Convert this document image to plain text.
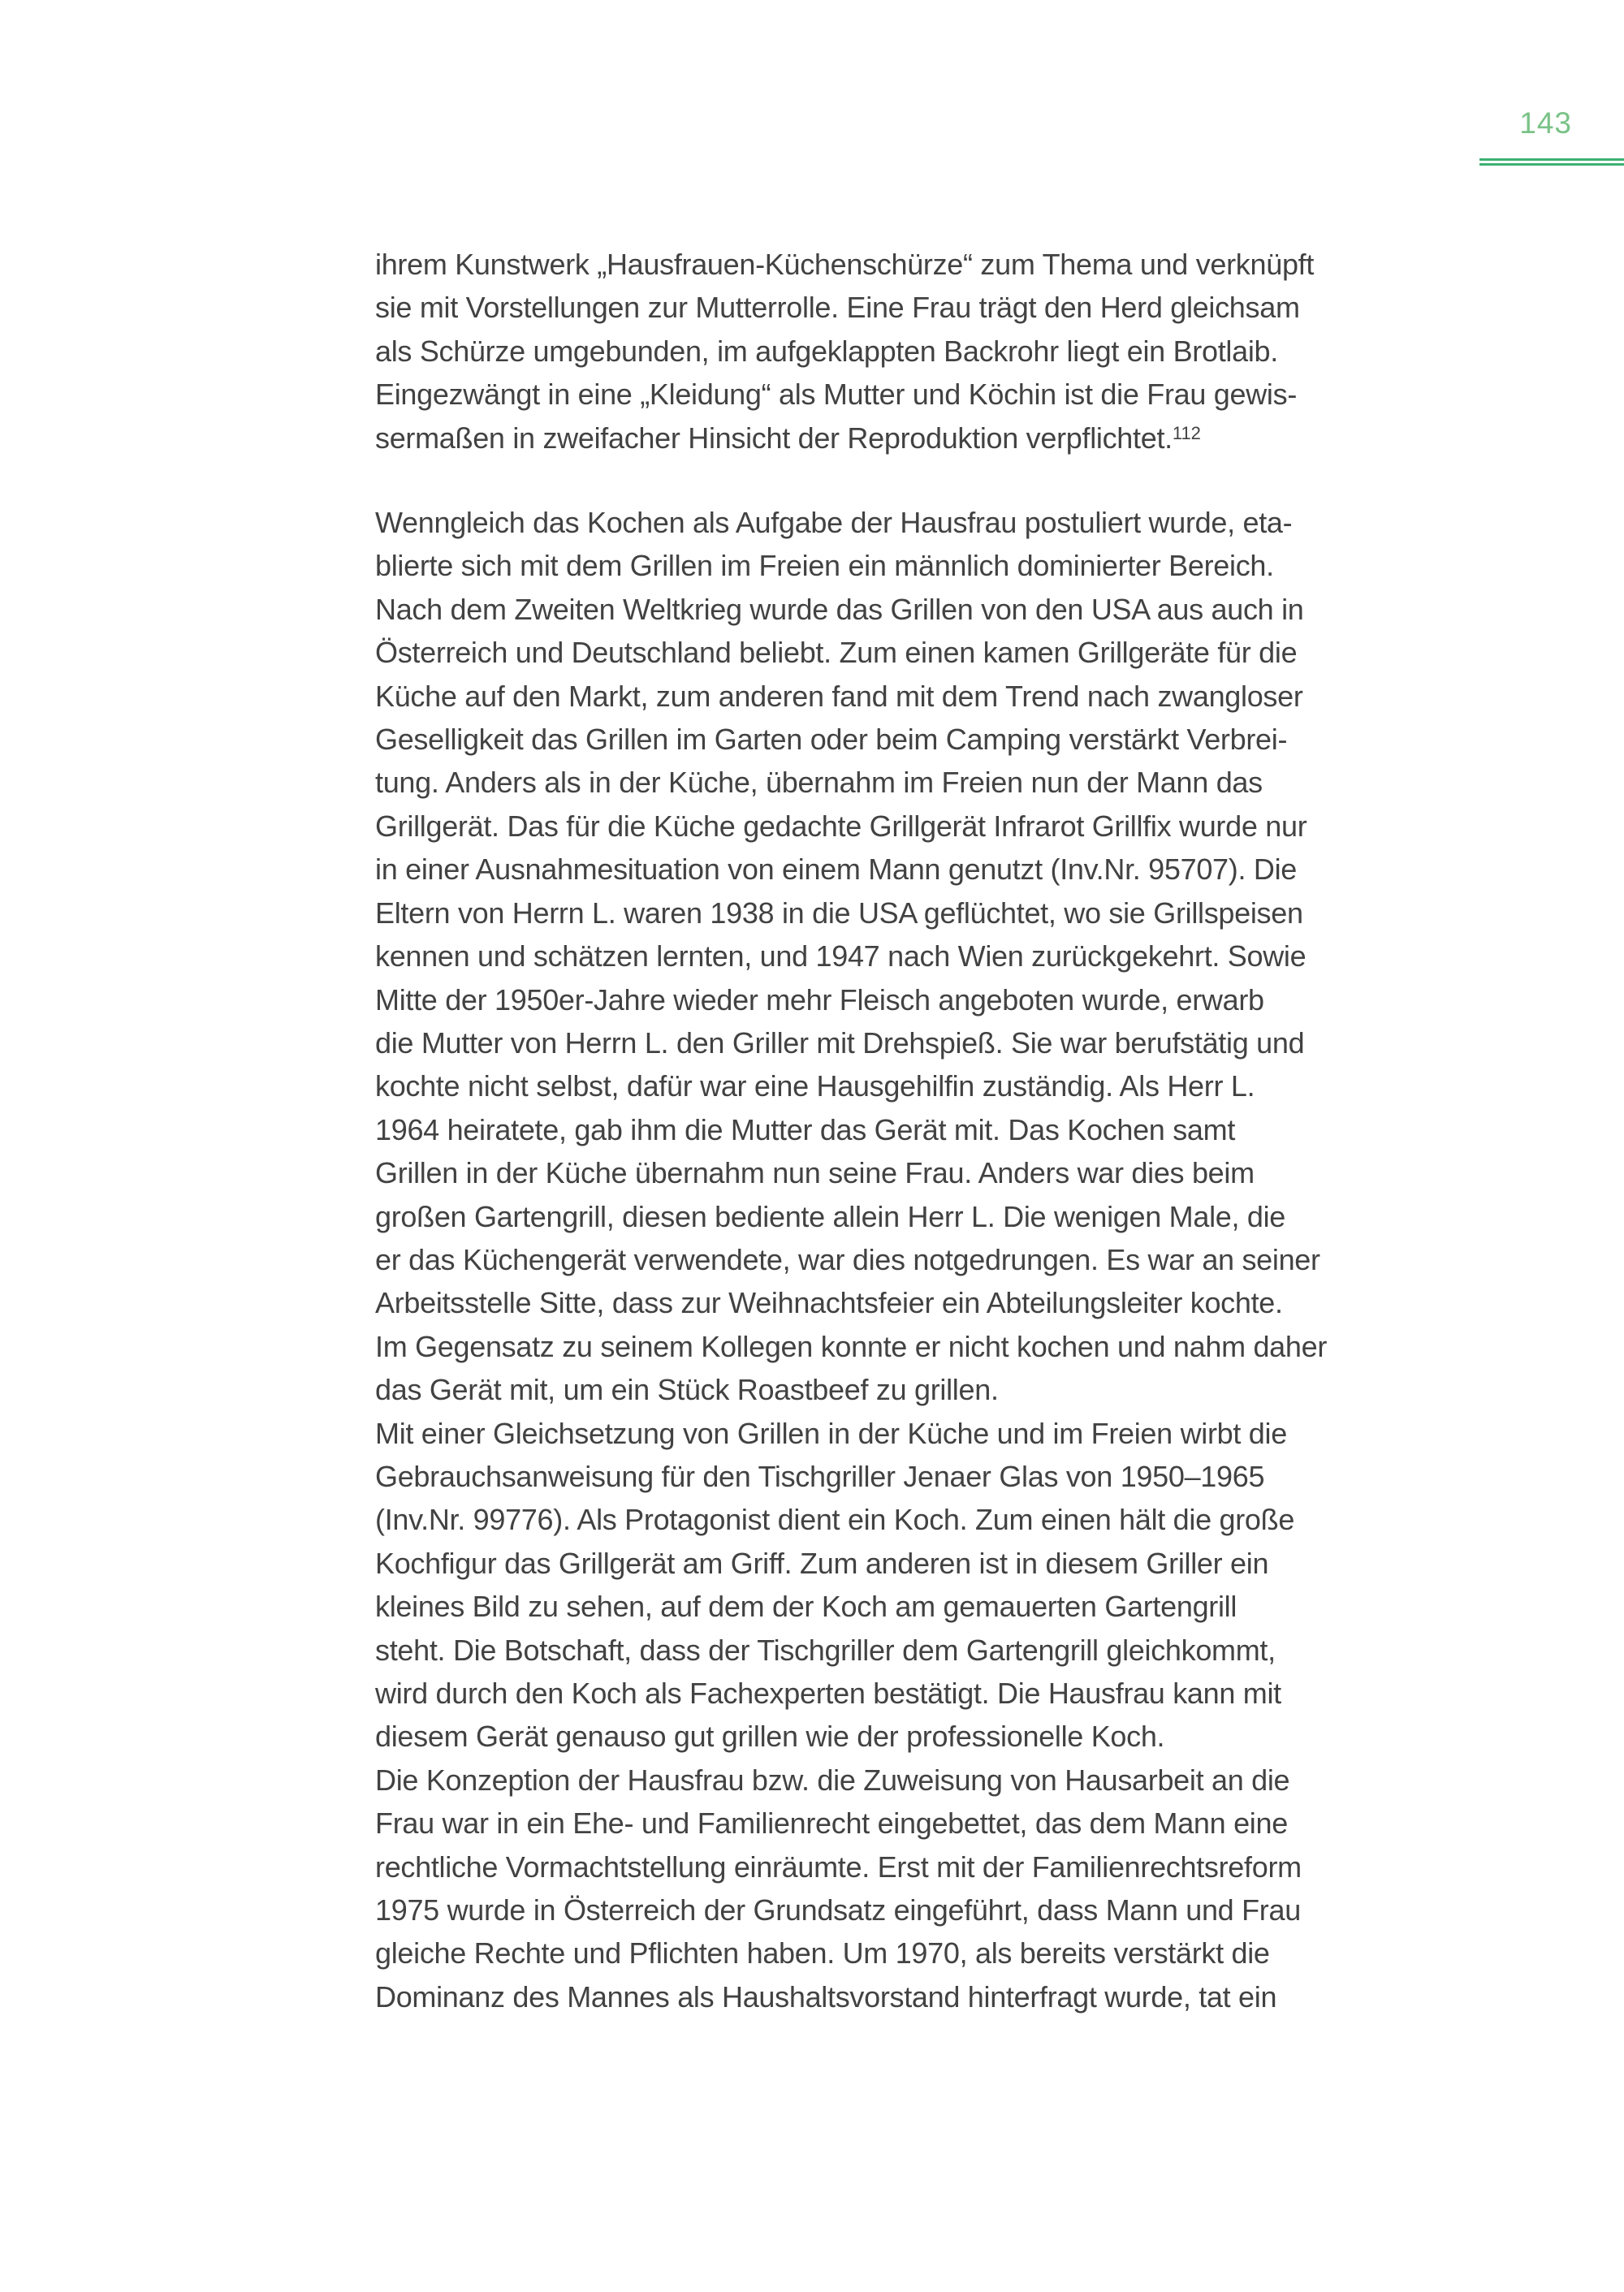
143
ihrem Kunstwerk „Hausfrauen-Küchenschürze“ zum Thema und verknüpft
sie mit Vorstellungen zur Mutterrolle. Eine Frau trägt den Herd gleichsam
als Schürze umgebunden, im aufgeklappten Backrohr liegt ein Brotlaib.
Eingezwängt in eine „Kleidung“ als Mutter und Köchin ist die Frau gewis-
sermaßen in zweifacher Hinsicht der Reproduktion verpflichtet.$^{112}$
Wenngleich das Kochen als Aufgabe der Hausfrau postuliert wurde, eta-
blierte sich mit dem Grillen im Freien ein männlich dominierter Bereich.
Nach dem Zweiten Weltkrieg wurde das Grillen von den USA aus auch in
Österreich und Deutschland beliebt. Zum einen kamen Grillgeräte für die
Küche auf den Markt, zum anderen fand mit dem Trend nach zwangloser
Geselligkeit das Grillen im Garten oder beim Camping verstärkt Verbrei-
tung. Anders als in der Küche, übernahm im Freien nun der Mann das
Grillgerät. Das für die Küche gedachte Grillgerät Infrarot Grillfix wurde nur
in einer Ausnahmesituation von einem Mann genutzt (Inv.Nr. 95707). Die
Eltern von Herrn L. waren 1938 in die USA geflüchtet, wo sie Grillspeisen
kennen und schätzen lernten, und 1947 nach Wien zurückgekehrt. Sowie
Mitte der 1950er-Jahre wieder mehr Fleisch angeboten wurde, erwarb
die Mutter von Herrn L. den Griller mit Drehspieß. Sie war berufstätig und
kochte nicht selbst, dafür war eine Hausgehilfin zuständig. Als Herr L.
1964 heiratete, gab ihm die Mutter das Gerät mit. Das Kochen samt
Grillen in der Küche übernahm nun seine Frau. Anders war dies beim
großen Gartengrill, diesen bediente allein Herr L. Die wenigen Male, die
er das Küchengerät verwendete, war dies notgedrungen. Es war an seiner
Arbeitsstelle Sitte, dass zur Weihnachtsfeier ein Abteilungsleiter kochte.
Im Gegensatz zu seinem Kollegen konnte er nicht kochen und nahm daher
das Gerät mit, um ein Stück Roastbeef zu grillen.
Mit einer Gleichsetzung von Grillen in der Küche und im Freien wirbt die
Gebrauchsanweisung für den Tischgriller Jenaer Glas von 1950–1965
(Inv.Nr. 99776). Als Protagonist dient ein Koch. Zum einen hält die große
Kochfigur das Grillgerät am Griff. Zum anderen ist in diesem Griller ein
kleines Bild zu sehen, auf dem der Koch am gemauerten Gartengrill
steht. Die Botschaft, dass der Tischgriller dem Gartengrill gleichkommt,
wird durch den Koch als Fachexperten bestätigt. Die Hausfrau kann mit
diesem Gerät genauso gut grillen wie der professionelle Koch.
Die Konzeption der Hausfrau bzw. die Zuweisung von Hausarbeit an die
Frau war in ein Ehe- und Familienrecht eingebettet, das dem Mann eine
rechtliche Vormachtstellung einräumte. Erst mit der Familienrechtsreform
1975 wurde in Österreich der Grundsatz eingeführt, dass Mann und Frau
gleiche Rechte und Pflichten haben. Um 1970, als bereits verstärkt die
Dominanz des Mannes als Haushaltsvorstand hinterfragt wurde, tat ein
